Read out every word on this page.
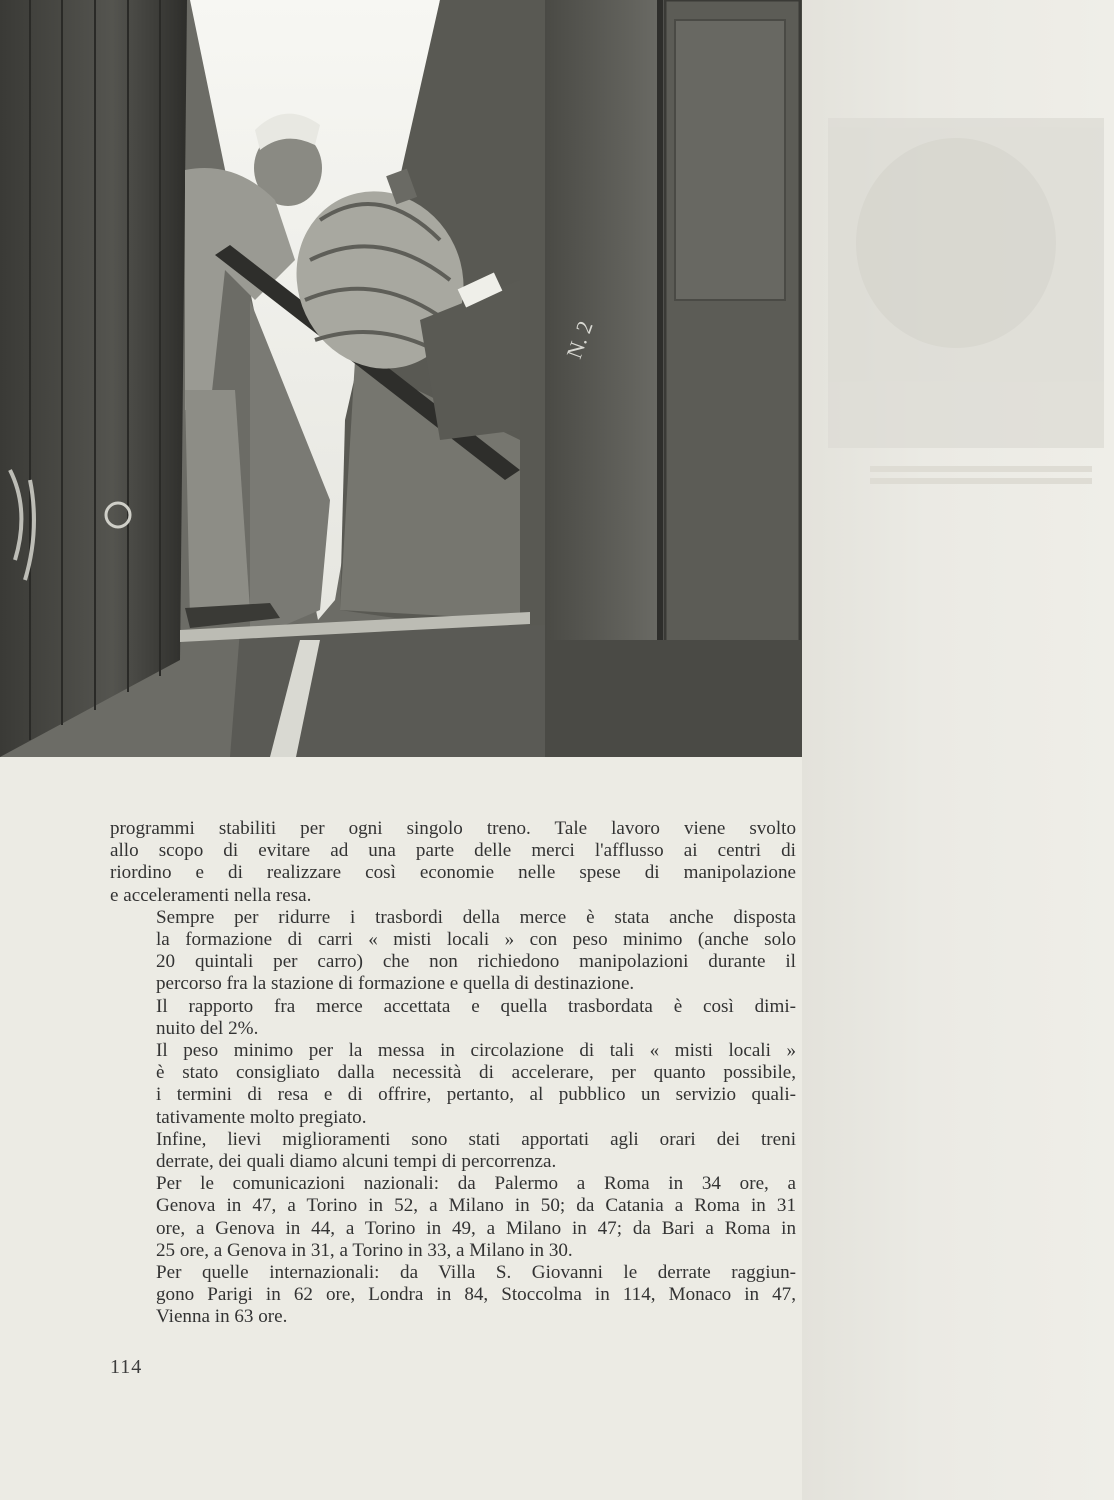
N. 2

programmi stabiliti per ogni singolo treno. Tale lavoro viene svolto
allo scopo di evitare ad una parte delle merci l'afflusso ai centri di
riordino e di realizzare così economie nelle spese di manipolazione
e acceleramenti nella resa.

Sempre per ridurre i trasbordi della merce è stata anche disposta
la formazione di carri « misti locali » con peso minimo (anche solo
20 quintali per carro) che non richiedono manipolazioni durante il
percorso fra la stazione di formazione e quella di destinazione.

Il rapporto fra merce accettata e quella trasbordata è così dimi-
nuito del 2%.

Il peso minimo per la messa in circolazione di tali « misti locali »
è stato consigliato dalla necessità di accelerare, per quanto possibile,
i termini di resa e di offrire, pertanto, al pubblico un servizio quali-
tativamente molto pregiato.

Infine, lievi miglioramenti sono stati apportati agli orari dei treni
derrate, dei quali diamo alcuni tempi di percorrenza.

Per le comunicazioni nazionali: da Palermo a Roma in 34 ore, a
Genova in 47, a Torino in 52, a Milano in 50; da Catania a Roma in 31
ore, a Genova in 44, a Torino in 49, a Milano in 47; da Bari a Roma in
25 ore, a Genova in 31, a Torino in 33, a Milano in 30.

Per quelle internazionali: da Villa S. Giovanni le derrate raggiun-
gono Parigi in 62 ore, Londra in 84, Stoccolma in 114, Monaco in 47,
Vienna in 63 ore.

114
